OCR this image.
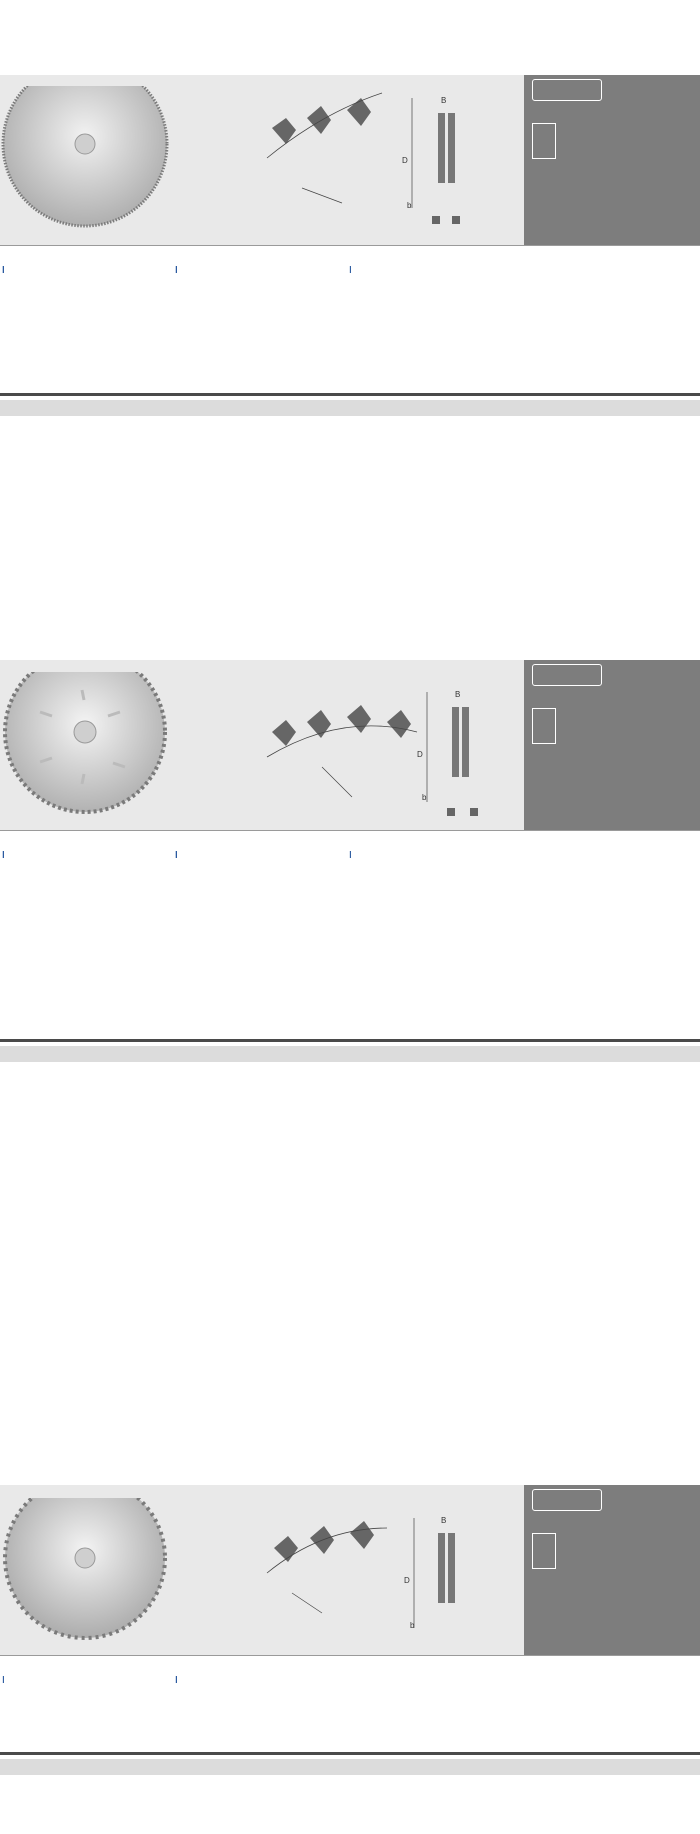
D
B
b
D
B
b
D
B
b
